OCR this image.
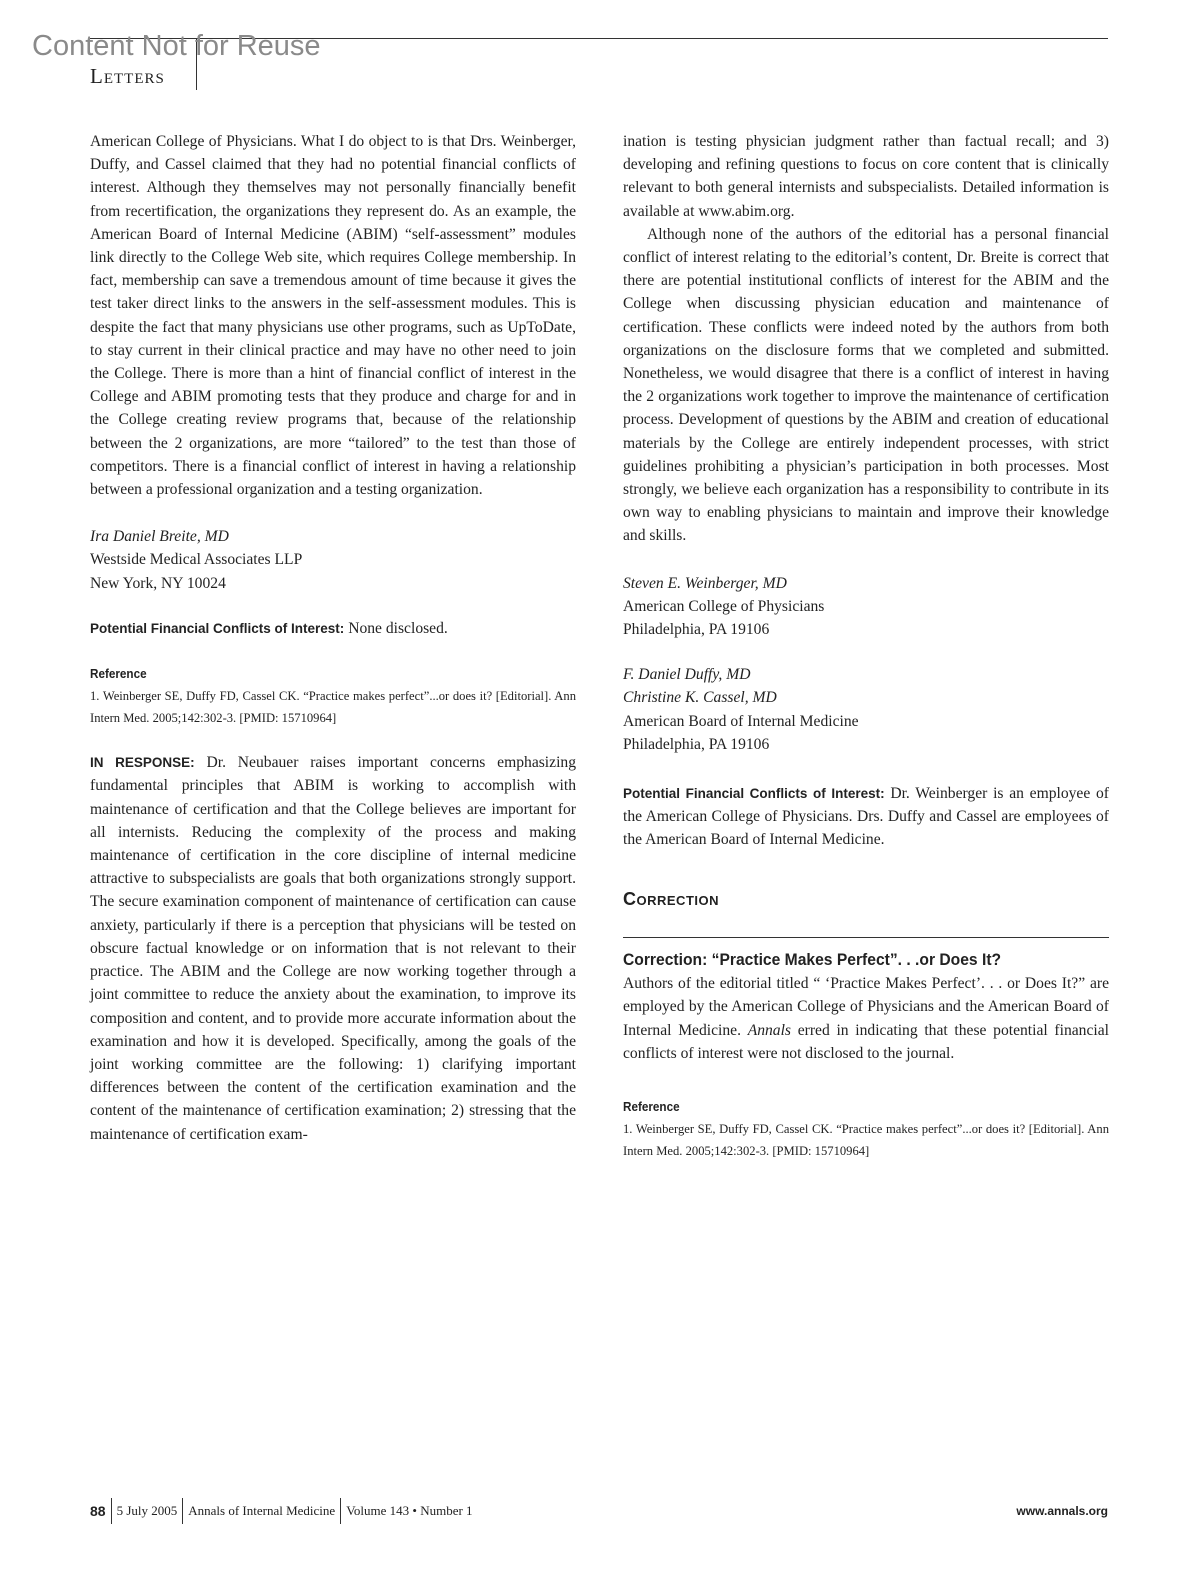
Content Not for Reuse
Letters

American College of Physicians. What I do object to is that Drs. Weinberger, Duffy, and Cassel claimed that they had no potential financial conflicts of interest. Although they themselves may not personally financially benefit from recertification, the organizations they represent do. As an example, the American Board of Internal Medicine (ABIM) “self-assessment” modules link directly to the College Web site, which requires College membership. In fact, membership can save a tremendous amount of time because it gives the test taker direct links to the answers in the self-assessment modules. This is despite the fact that many physicians use other programs, such as UpToDate, to stay current in their clinical practice and may have no other need to join the College. There is more than a hint of financial conflict of interest in the College and ABIM promoting tests that they produce and charge for and in the College creating review programs that, because of the relationship between the 2 organizations, are more “tailored” to the test than those of competitors. There is a financial conflict of interest in having a relationship between a professional organization and a testing organization.

Ira Daniel Breite, MD

Westside Medical Associates LLP

New York, NY 10024

Potential Financial Conflicts of Interest: None disclosed.

Reference

1. Weinberger SE, Duffy FD, Cassel CK. “Practice makes perfect”...or does it? [Editorial]. Ann Intern Med. 2005;142:302-3. [PMID: 15710964]

IN RESPONSE: Dr. Neubauer raises important concerns emphasizing fundamental principles that ABIM is working to accomplish with maintenance of certification and that the College believes are important for all internists. Reducing the complexity of the process and making maintenance of certification in the core discipline of internal medicine attractive to subspecialists are goals that both organizations strongly support. The secure examination component of maintenance of certification can cause anxiety, particularly if there is a perception that physicians will be tested on obscure factual knowledge or on information that is not relevant to their practice. The ABIM and the College are now working together through a joint committee to reduce the anxiety about the examination, to improve its composition and content, and to provide more accurate information about the examination and how it is developed. Specifically, among the goals of the joint working committee are the following: 1) clarifying important differences between the content of the certification examination and the content of the maintenance of certification examination; 2) stressing that the maintenance of certification exam-

ination is testing physician judgment rather than factual recall; and 3) developing and refining questions to focus on core content that is clinically relevant to both general internists and subspecialists. Detailed information is available at www.abim.org.

Although none of the authors of the editorial has a personal financial conflict of interest relating to the editorial’s content, Dr. Breite is correct that there are potential institutional conflicts of interest for the ABIM and the College when discussing physician education and maintenance of certification. These conflicts were indeed noted by the authors from both organizations on the disclosure forms that we completed and submitted. Nonetheless, we would disagree that there is a conflict of interest in having the 2 organizations work together to improve the maintenance of certification process. Development of questions by the ABIM and creation of educational materials by the College are entirely independent processes, with strict guidelines prohibiting a physician’s participation in both processes. Most strongly, we believe each organization has a responsibility to contribute in its own way to enabling physicians to maintain and improve their knowledge and skills.

Steven E. Weinberger, MD

American College of Physicians

Philadelphia, PA 19106

F. Daniel Duffy, MD

Christine K. Cassel, MD

American Board of Internal Medicine

Philadelphia, PA 19106

Potential Financial Conflicts of Interest: Dr. Weinberger is an employee of the American College of Physicians. Drs. Duffy and Cassel are employees of the American Board of Internal Medicine.

Correction
Correction: “Practice Makes Perfect”. . .or Does It?

Authors of the editorial titled “ ‘Practice Makes Perfect’. . . or Does It?” are employed by the American College of Physicians and the American Board of Internal Medicine. Annals erred in indicating that these potential financial conflicts of interest were not disclosed to the journal.

Reference

1. Weinberger SE, Duffy FD, Cassel CK. “Practice makes perfect”...or does it? [Editorial]. Ann Intern Med. 2005;142:302-3. [PMID: 15710964]

88 5 July 2005 Annals of Internal Medicine Volume 143 • Number 1	www.annals.org
